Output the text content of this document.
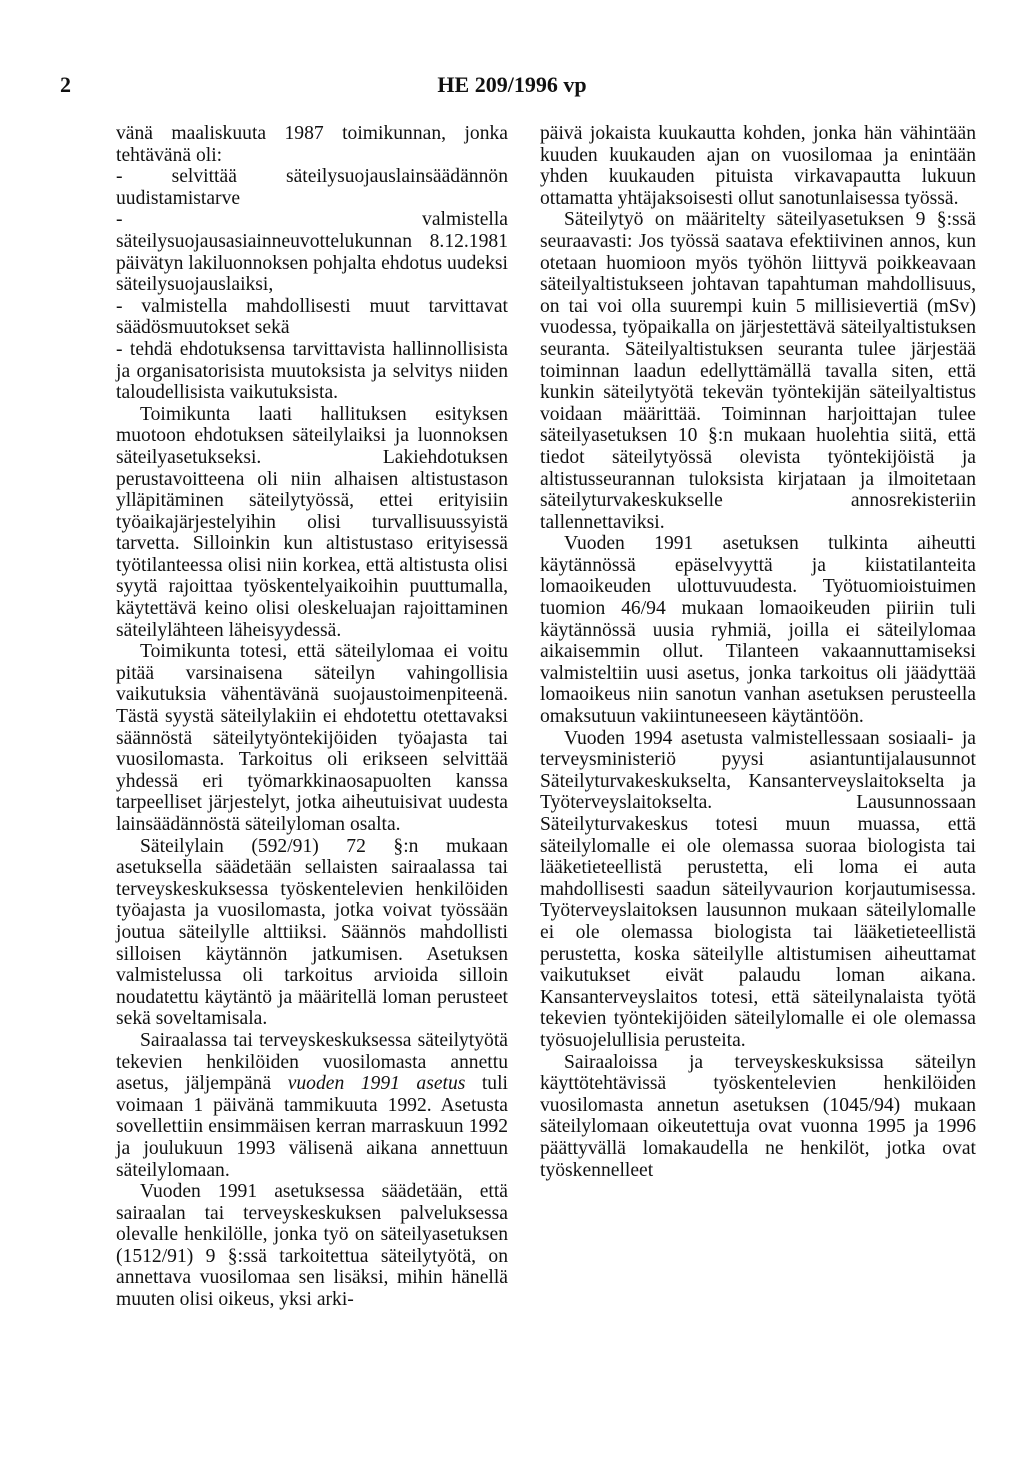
2	HE 209/1996 vp

vänä maaliskuuta 1987 toimikunnan, jonka tehtävänä oli:

- selvittää säteilysuojauslainsäädännön uudistamistarve

- valmistella säteilysuojausasiainneuvottelukunnan 8.12.1981 päivätyn lakiluonnoksen pohjalta ehdotus uudeksi säteilysuojauslaiksi,

- valmistella mahdollisesti muut tarvittavat säädösmuutokset sekä

- tehdä ehdotuksensa tarvittavista hallinnollisista ja organisatorisista muutoksista ja selvitys niiden taloudellisista vaikutuksista.

Toimikunta laati hallituksen esityksen muotoon ehdotuksen säteilylaiksi ja luonnoksen säteilyasetukseksi. Lakiehdotuksen perustavoitteena oli niin alhaisen altistustason ylläpitäminen säteilytyössä, ettei erityisiin työaikajärjestelyihin olisi turvallisuussyistä tarvetta. Silloinkin kun altistustaso erityisessä työtilanteessa olisi niin korkea, että altistusta olisi syytä rajoittaa työskentelyaikoihin puuttumalla, käytettävä keino olisi oleskeluajan rajoittaminen säteilylähteen läheisyydessä.

Toimikunta totesi, että säteilylomaa ei voitu pitää varsinaisena säteilyn vahingollisia vaikutuksia vähentävänä suojaustoimenpiteenä. Tästä syystä säteilylakiin ei ehdotettu otettavaksi säännöstä säteilytyöntekijöiden työajasta tai vuosilomasta. Tarkoitus oli erikseen selvittää yhdessä eri työmarkkinaosapuolten kanssa tarpeelliset järjestelyt, jotka aiheutuisivat uudesta lainsäädännöstä säteilyloman osalta.

Säteilylain (592/91) 72 §:n mukaan asetuksella säädetään sellaisten sairaalassa tai terveyskeskuksessa työskentelevien henkilöiden työajasta ja vuosilomasta, jotka voivat työssään joutua säteilylle alttiiksi. Säännös mahdollisti silloisen käytännön jatkumisen. Asetuksen valmistelussa oli tarkoitus arvioida silloin noudatettu käytäntö ja määritellä loman perusteet sekä soveltamisala.

Sairaalassa tai terveyskeskuksessa säteilytyötä tekevien henkilöiden vuosilomasta annettu asetus, jäljempänä vuoden 1991 asetus tuli voimaan 1 päivänä tammikuuta 1992. Asetusta sovellettiin ensimmäisen kerran marraskuun 1992 ja joulukuun 1993 välisenä aikana annettuun säteilylomaan.

Vuoden 1991 asetuksessa säädetään, että sairaalan tai terveyskeskuksen palveluksessa olevalle henkilölle, jonka työ on säteilyasetuksen (1512/91) 9 §:ssä tarkoitettua säteilytyötä, on annettava vuosilomaa sen lisäksi, mihin hänellä muuten olisi oikeus, yksi arki-

päivä jokaista kuukautta kohden, jonka hän vähintään kuuden kuukauden ajan on vuosilomaa ja enintään yhden kuukauden pituista virkavapautta lukuun ottamatta yhtäjaksoisesti ollut sanotunlaisessa työssä.

Säteilytyö on määritelty säteilyasetuksen 9 §:ssä seuraavasti: Jos työssä saatava efektiivinen annos, kun otetaan huomioon myös työhön liittyvä poikkeavaan säteilyaltistukseen johtavan tapahtuman mahdollisuus, on tai voi olla suurempi kuin 5 millisievertiä (mSv) vuodessa, työpaikalla on järjestettävä säteilyaltistuksen seuranta. Säteilyaltistuksen seuranta tulee järjestää toiminnan laadun edellyttämällä tavalla siten, että kunkin säteilytyötä tekevän työntekijän säteilyaltistus voidaan määrittää. Toiminnan harjoittajan tulee säteilyasetuksen 10 §:n mukaan huolehtia siitä, että tiedot säteilytyössä olevista työntekijöistä ja altistusseurannan tuloksista kirjataan ja ilmoitetaan säteilyturvakeskukselle annosrekisteriin tallennettaviksi.

Vuoden 1991 asetuksen tulkinta aiheutti käytännössä epäselvyyttä ja kiistatilanteita lomaoikeuden ulottuvuudesta. Työtuomioistuimen tuomion 46/94 mukaan lomaoikeuden piiriin tuli käytännössä uusia ryhmiä, joilla ei säteilylomaa aikaisemmin ollut. Tilanteen vakaannuttamiseksi valmisteltiin uusi asetus, jonka tarkoitus oli jäädyttää lomaoikeus niin sanotun vanhan asetuksen perusteella omaksutuun vakiintuneeseen käytäntöön.

Vuoden 1994 asetusta valmistellessaan sosiaali- ja terveysministeriö pyysi asiantuntijalausunnot Säteilyturvakeskukselta, Kansanterveyslaitokselta ja Työterveyslaitokselta. Lausunnossaan Säteilyturvakeskus totesi muun muassa, että säteilylomalle ei ole olemassa suoraa biologista tai lääketieteellistä perustetta, eli loma ei auta mahdollisesti saadun säteilyvaurion korjautumisessa. Työterveyslaitoksen lausunnon mukaan säteilylomalle ei ole olemassa biologista tai lääketieteellistä perustetta, koska säteilylle altistumisen aiheuttamat vaikutukset eivät palaudu loman aikana. Kansanterveyslaitos totesi, että säteilynalaista työtä tekevien työntekijöiden säteilylomalle ei ole olemassa työsuojelullisia perusteita.

Sairaaloissa ja terveyskeskuksissa säteilyn käyttötehtävissä työskentelevien henkilöiden vuosilomasta annetun asetuksen (1045/94) mukaan säteilylomaan oikeutettuja ovat vuonna 1995 ja 1996 päättyvällä lomakaudella ne henkilöt, jotka ovat työskennelleet
